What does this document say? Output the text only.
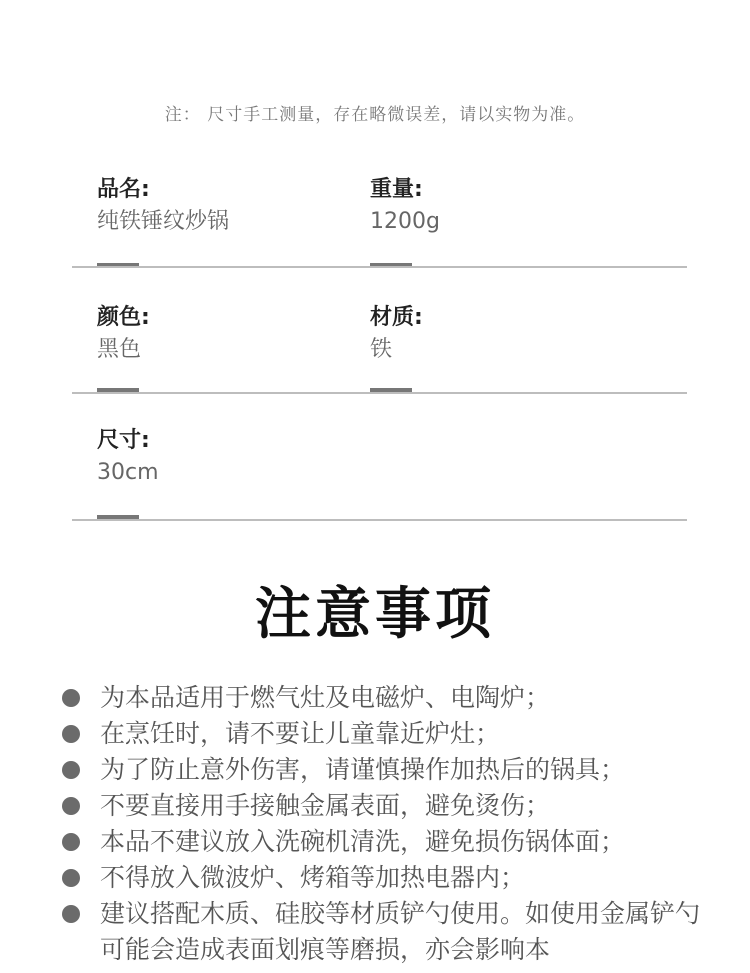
注： 尺寸手工测量，存在略微误差，请以实物为准。
品名:
纯铁锤纹炒锅
重量:
1200g
颜色:
黑色
材质:
铁
尺寸:
30cm
注意事项
为本品适用于燃气灶及电磁炉、电陶炉；
在烹饪时，请不要让儿童靠近炉灶；
为了防止意外伤害，请谨慎操作加热后的锅具；
不要直接用手接触金属表面，避免烫伤；
本品不建议放入洗碗机清洗，避免损伤锅体面；
不得放入微波炉、烤箱等加热电器内；
建议搭配木质、硅胶等材质铲勺使用。如使用金属铲勺可能会造成表面划痕等磨损，亦会影响本
